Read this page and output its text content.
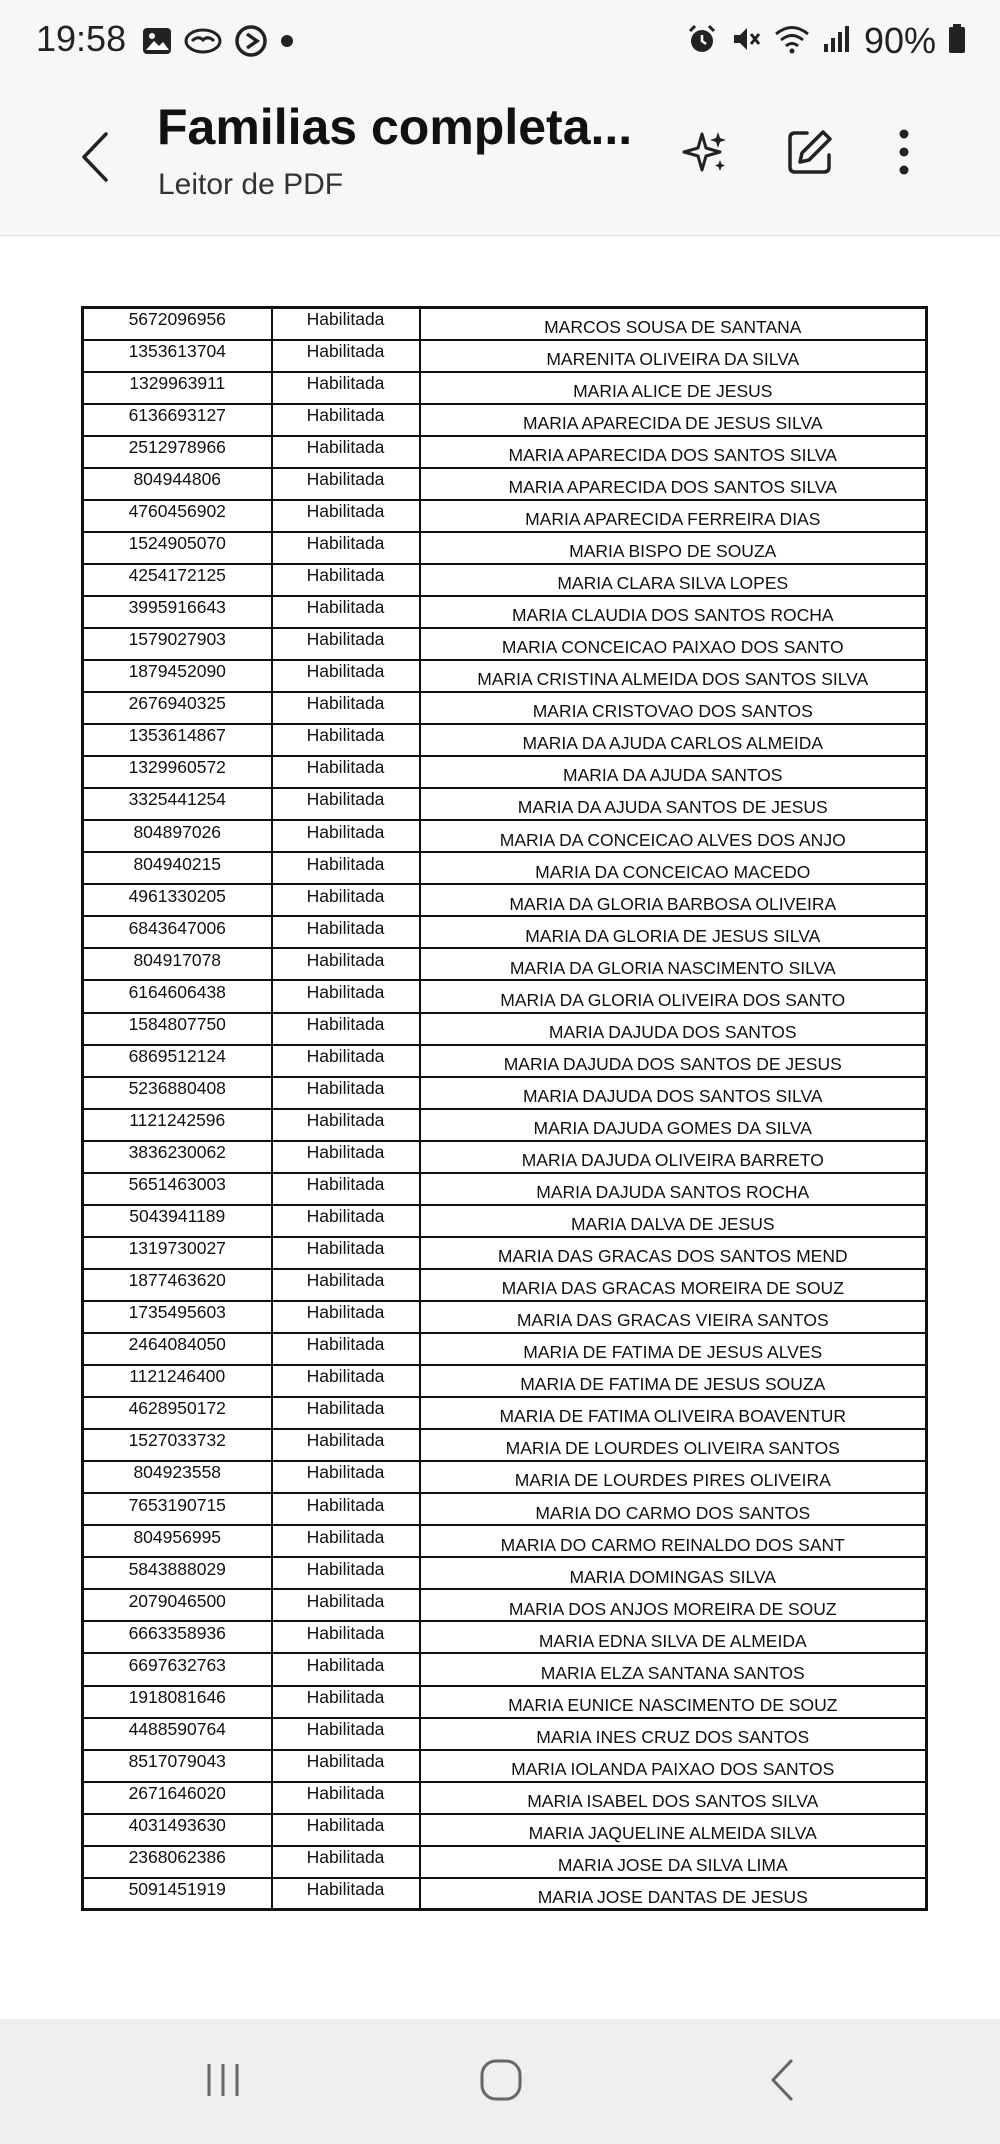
19:58	90%
Familias completa...
Leitor de PDF
5672096956	Habilitada	MARCOS SOUSA DE SANTANA
1353613704	Habilitada	MARENITA OLIVEIRA DA SILVA
1329963911	Habilitada	MARIA ALICE DE JESUS
6136693127	Habilitada	MARIA APARECIDA DE JESUS SILVA
2512978966	Habilitada	MARIA APARECIDA DOS SANTOS SILVA
804944806	Habilitada	MARIA APARECIDA DOS SANTOS SILVA
4760456902	Habilitada	MARIA APARECIDA FERREIRA DIAS
1524905070	Habilitada	MARIA BISPO DE SOUZA
4254172125	Habilitada	MARIA CLARA SILVA LOPES
3995916643	Habilitada	MARIA CLAUDIA DOS SANTOS ROCHA
1579027903	Habilitada	MARIA CONCEICAO PAIXAO DOS SANTO
1879452090	Habilitada	MARIA CRISTINA ALMEIDA DOS SANTOS SILVA
2676940325	Habilitada	MARIA CRISTOVAO DOS SANTOS
1353614867	Habilitada	MARIA DA AJUDA CARLOS ALMEIDA
1329960572	Habilitada	MARIA DA AJUDA SANTOS
3325441254	Habilitada	MARIA DA AJUDA SANTOS DE JESUS
804897026	Habilitada	MARIA DA CONCEICAO ALVES DOS ANJO
804940215	Habilitada	MARIA DA CONCEICAO MACEDO
4961330205	Habilitada	MARIA DA GLORIA BARBOSA OLIVEIRA
6843647006	Habilitada	MARIA DA GLORIA DE JESUS SILVA
804917078	Habilitada	MARIA DA GLORIA NASCIMENTO SILVA
6164606438	Habilitada	MARIA DA GLORIA OLIVEIRA DOS SANTO
1584807750	Habilitada	MARIA DAJUDA DOS SANTOS
6869512124	Habilitada	MARIA DAJUDA DOS SANTOS DE JESUS
5236880408	Habilitada	MARIA DAJUDA DOS SANTOS SILVA
1121242596	Habilitada	MARIA DAJUDA GOMES DA SILVA
3836230062	Habilitada	MARIA DAJUDA OLIVEIRA BARRETO
5651463003	Habilitada	MARIA DAJUDA SANTOS ROCHA
5043941189	Habilitada	MARIA DALVA DE JESUS
1319730027	Habilitada	MARIA DAS GRACAS DOS SANTOS MEND
1877463620	Habilitada	MARIA DAS GRACAS MOREIRA DE SOUZ
1735495603	Habilitada	MARIA DAS GRACAS VIEIRA SANTOS
2464084050	Habilitada	MARIA DE FATIMA DE JESUS ALVES
1121246400	Habilitada	MARIA DE FATIMA DE JESUS SOUZA
4628950172	Habilitada	MARIA DE FATIMA OLIVEIRA BOAVENTUR
1527033732	Habilitada	MARIA DE LOURDES OLIVEIRA SANTOS
804923558	Habilitada	MARIA DE LOURDES PIRES OLIVEIRA
7653190715	Habilitada	MARIA DO CARMO DOS SANTOS
804956995	Habilitada	MARIA DO CARMO REINALDO DOS SANT
5843888029	Habilitada	MARIA DOMINGAS SILVA
2079046500	Habilitada	MARIA DOS ANJOS MOREIRA DE SOUZ
6663358936	Habilitada	MARIA EDNA SILVA DE ALMEIDA
6697632763	Habilitada	MARIA ELZA SANTANA SANTOS
1918081646	Habilitada	MARIA EUNICE NASCIMENTO DE SOUZ
4488590764	Habilitada	MARIA INES CRUZ DOS SANTOS
8517079043	Habilitada	MARIA IOLANDA PAIXAO DOS SANTOS
2671646020	Habilitada	MARIA ISABEL DOS SANTOS SILVA
4031493630	Habilitada	MARIA JAQUELINE ALMEIDA SILVA
2368062386	Habilitada	MARIA JOSE DA SILVA LIMA
5091451919	Habilitada	MARIA JOSE DANTAS DE JESUS
